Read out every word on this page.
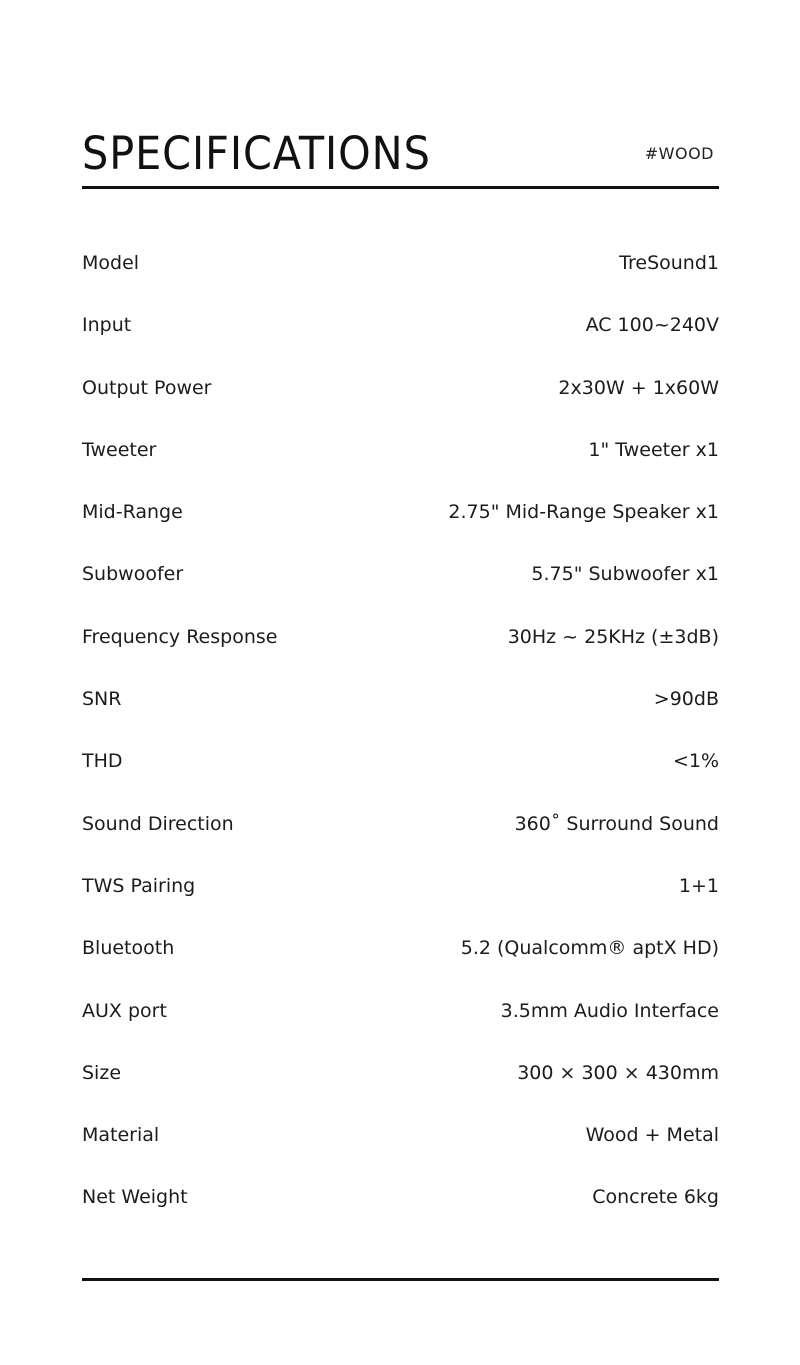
SPECIFICATIONS	#WOOD
Model	TreSound1
Input	AC 100~240V
Output Power	2x30W + 1x60W
Tweeter	1" Tweeter x1
Mid-Range	2.75" Mid-Range Speaker x1
Subwoofer	5.75" Subwoofer x1
Frequency Response	30Hz ~ 25KHz (±3dB)
SNR	>90dB
THD	<1%
Sound Direction	360˚ Surround Sound
TWS Pairing	1+1
Bluetooth	5.2 (Qualcomm® aptX HD)
AUX port	3.5mm Audio Interface
Size	300 × 300 × 430mm
Material	Wood + Metal
Net Weight	Concrete 6kg
